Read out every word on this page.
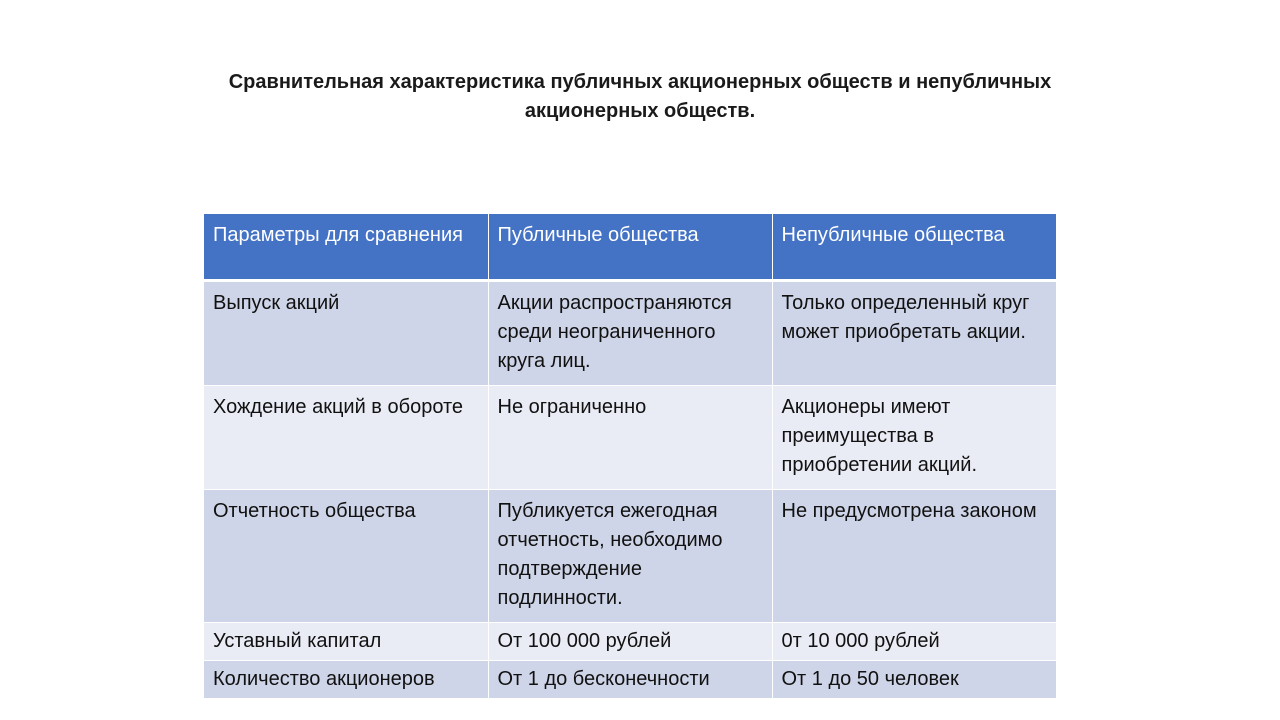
Сравнительная характеристика публичных акционерных обществ и непубличных акционерных обществ.
Параметры для сравнения	Публичные общества	Непубличные общества
Выпуск акций	Акции распространяются среди неограниченного круга лиц.	Только определенный круг может приобретать акции.
Хождение акций в обороте	Не ограниченно	Акционеры имеют преимущества в приобретении акций.
Отчетность общества	Публикуется ежегодная отчетность, необходимо подтверждение подлинности.	Не предусмотрена законом
Уставный капитал	От 100 000 рублей	0т 10 000 рублей
Количество акционеров	От 1 до бесконечности	От 1 до 50 человек
